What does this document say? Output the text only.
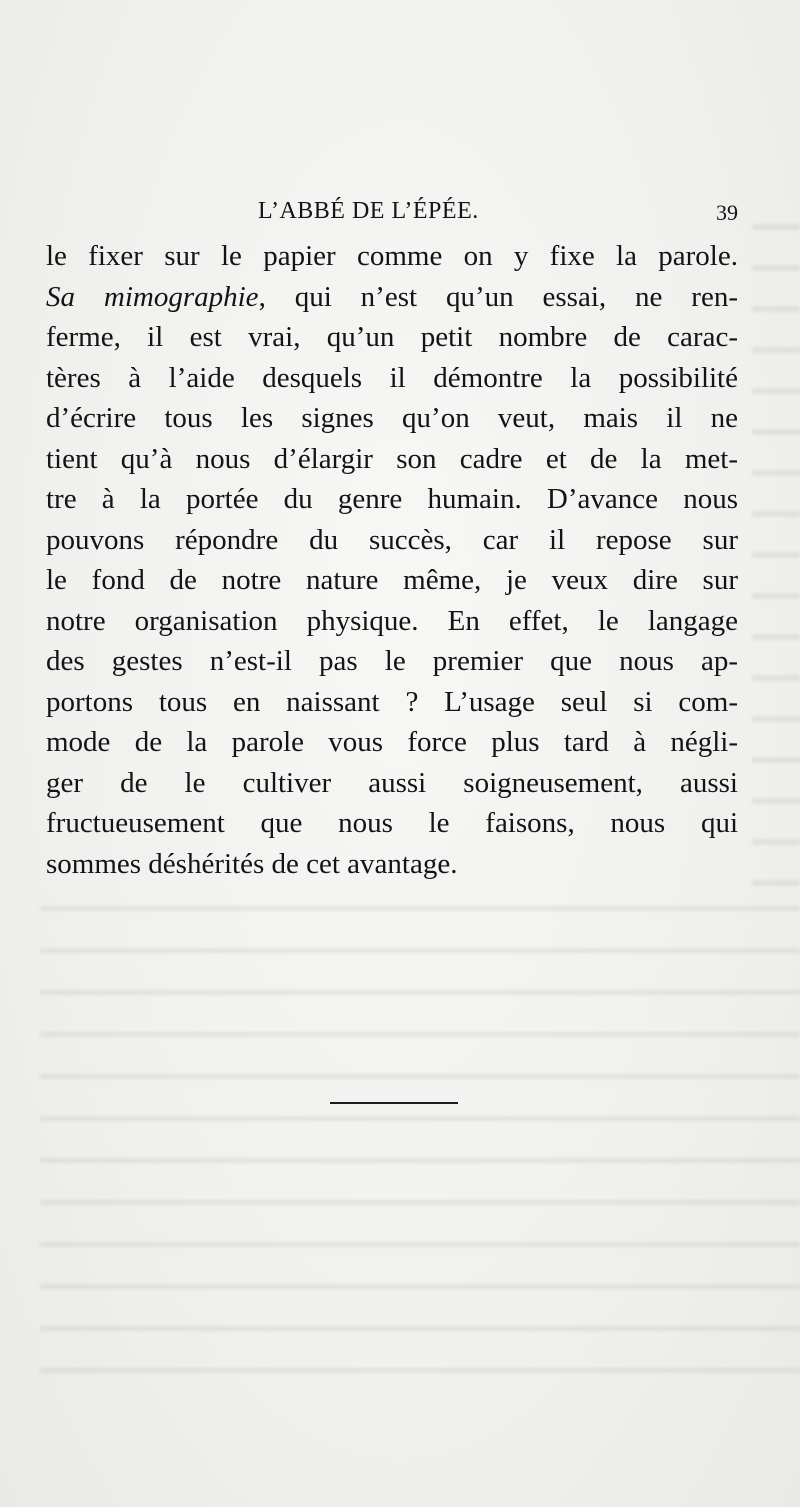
L’ABBÉ DE L’ÉPÉE.	39
le fixer sur le papier comme on y fixe la parole.
Sa mimographie, qui n’est qu’un essai, ne ren-
ferme, il est vrai, qu’un petit nombre de carac-
tères à l’aide desquels il démontre la possibilité
d’écrire tous les signes qu’on veut, mais il ne
tient qu’à nous d’élargir son cadre et de la met-
tre à la portée du genre humain. D’avance nous
pouvons répondre du succès, car il repose sur
le fond de notre nature même, je veux dire sur
notre organisation physique. En effet, le langage
des gestes n’est-il pas le premier que nous ap-
portons tous en naissant ? L’usage seul si com-
mode de la parole vous force plus tard à négli-
ger de le cultiver aussi soigneusement, aussi
fructueusement que nous le faisons, nous qui
sommes déshérités de cet avantage.
